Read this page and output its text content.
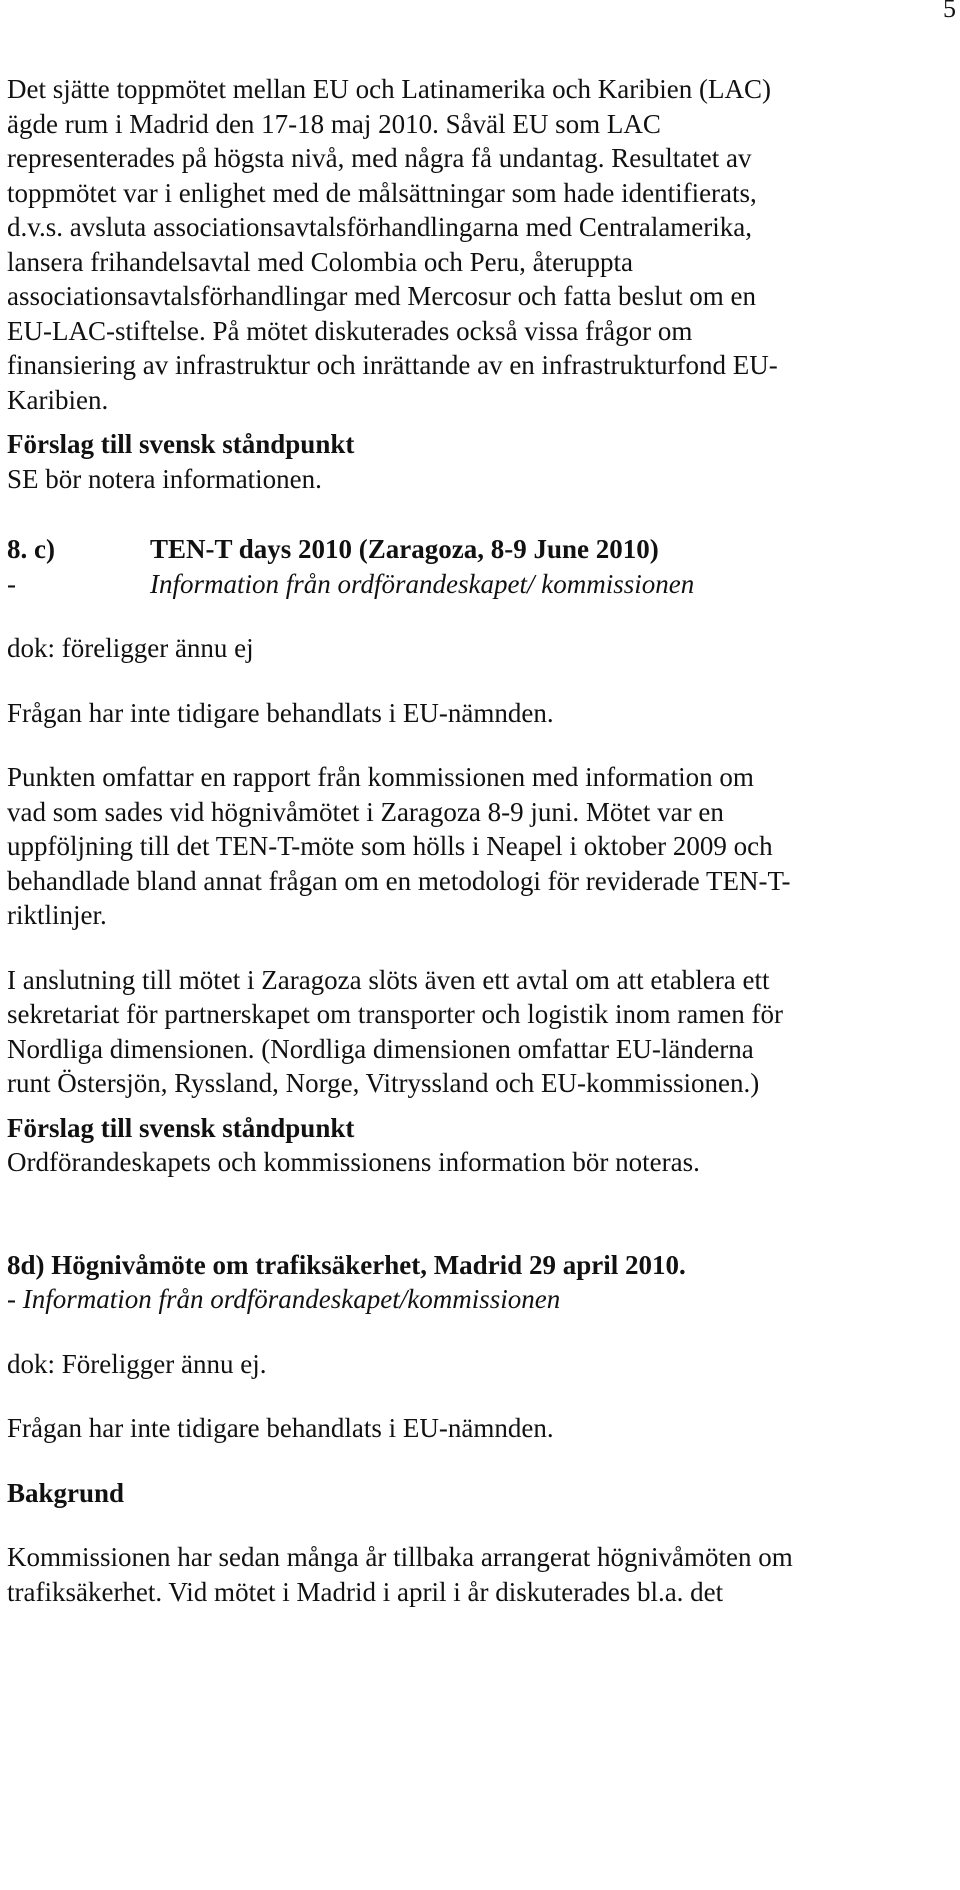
5

Det sjätte toppmötet mellan EU och Latinamerika och Karibien (LAC)
ägde rum i Madrid den 17-18 maj 2010. Såväl EU som LAC
representerades på högsta nivå, med några få undantag. Resultatet av
toppmötet var i enlighet med de målsättningar som hade identifierats,
d.v.s. avsluta associationsavtalsförhandlingarna med Centralamerika,
lansera frihandelsavtal med Colombia och Peru, återuppta
associationsavtalsförhandlingar med Mercosur och fatta beslut om en
EU-LAC-stiftelse. På mötet diskuterades också vissa frågor om
finansiering av infrastruktur och inrättande av en infrastrukturfond EU-
Karibien.

Förslag till svensk ståndpunkt

SE bör notera informationen.

8. c)	TEN-T days 2010 (Zaragoza, 8-9 June 2010)
-	Information från ordförandeskapet/ kommissionen

dok: föreligger ännu ej

Frågan har inte tidigare behandlats i EU-nämnden.

Punkten omfattar en rapport från kommissionen med information om
vad som sades vid högnivåmötet i Zaragoza 8-9 juni. Mötet var en
uppföljning till det TEN-T-möte som hölls i Neapel i oktober 2009 och
behandlade bland annat frågan om en metodologi för reviderade TEN-T-
riktlinjer.

I anslutning till mötet i Zaragoza slöts även ett avtal om att etablera ett
sekretariat för partnerskapet om transporter och logistik inom ramen för
Nordliga dimensionen. (Nordliga dimensionen omfattar EU-länderna
runt Östersjön, Ryssland, Norge, Vitryssland och EU-kommissionen.)

Förslag till svensk ståndpunkt

Ordförandeskapets och kommissionens information bör noteras.

8d) Högnivåmöte om trafiksäkerhet, Madrid 29 april 2010.

- Information från ordförandeskapet/kommissionen

dok: Föreligger ännu ej.

Frågan har inte tidigare behandlats i EU-nämnden.

Bakgrund

Kommissionen har sedan många år tillbaka arrangerat högnivåmöten om
trafiksäkerhet. Vid mötet i Madrid i april i år diskuterades bl.a. det
